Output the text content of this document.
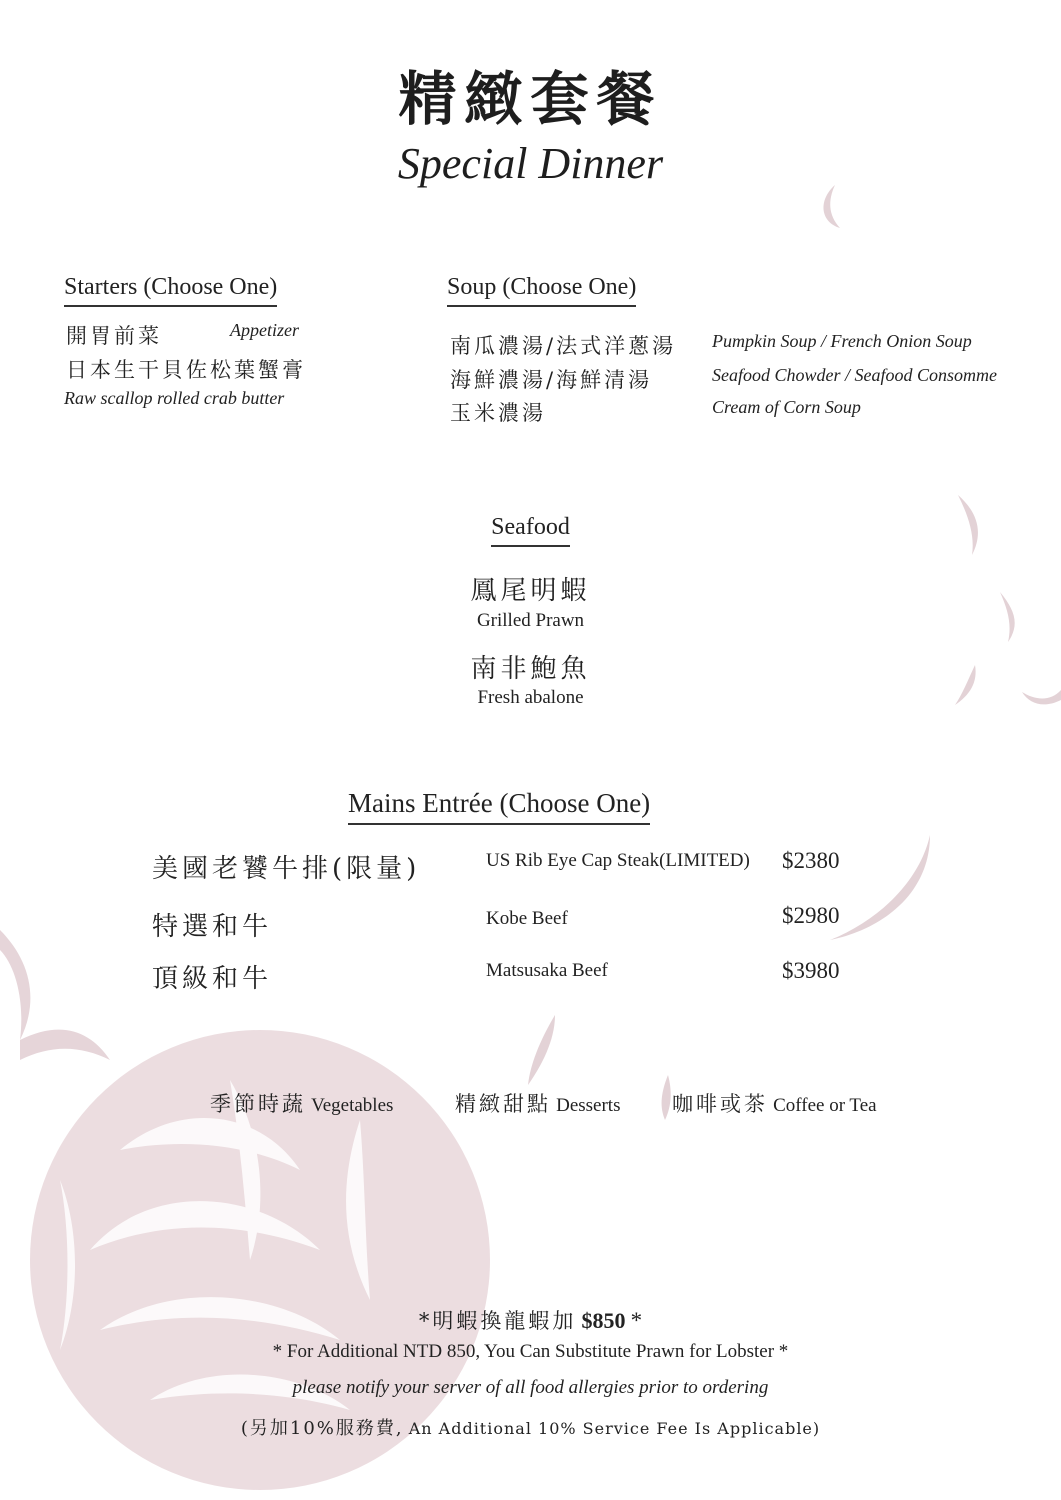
精緻套餐
Special Dinner
Starters (Choose One)
開胃前菜	Appetizer
日本生干貝佐松葉蟹膏
Raw scallop rolled crab butter
Soup (Choose One)
南瓜濃湯/法式洋蔥湯 Pumpkin Soup / French Onion Soup
海鮮濃湯/海鮮清湯	Seafood Chowder / Seafood Consomme
玉米濃湯	Cream of Corn Soup
Seafood
鳳尾明蝦
Grilled Prawn
南非鮑魚
Fresh abalone
Mains Entrée (Choose One)
美國老饕牛排(限量)	US Rib Eye Cap Steak(LIMITED) $2380
特選和牛	Kobe Beef	$2980
頂級和牛	Matsusaka Beef	$3980
季節時蔬 Vegetables	精緻甜點 Desserts 咖啡或茶 Coffee or Tea
*明蝦換龍蝦加 $850 *
* For Additional NTD 850, You Can Substitute Prawn for Lobster *
please notify your server of all food allergies prior to ordering
(另加10%服務費, An Additional 10% Service Fee Is Applicable)
